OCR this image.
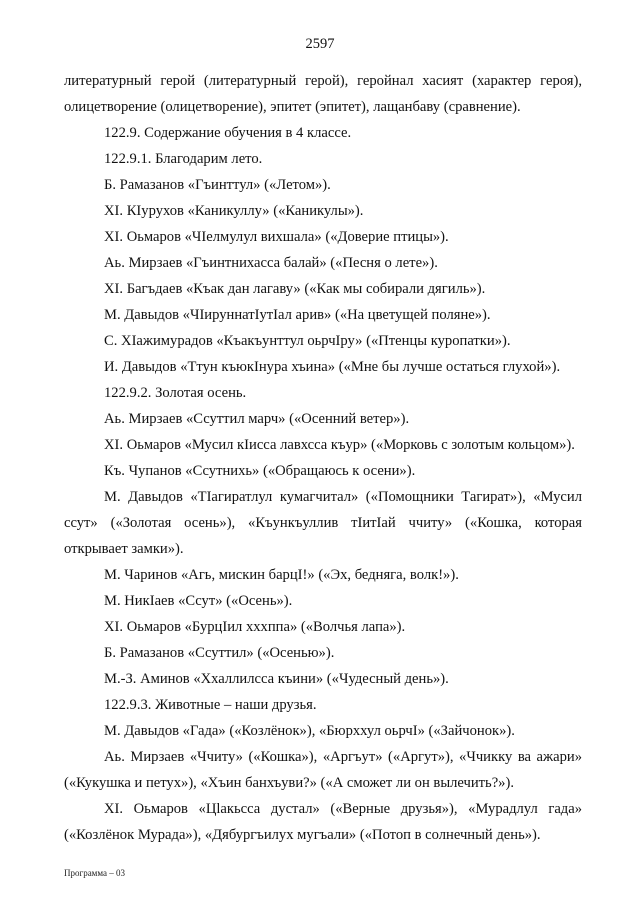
2597

литературный герой (литературный герой), геройнал хасият (характер героя), олицетворение (олицетворение), эпитет (эпитет), лащанбаву (сравнение).

122.9. Содержание обучения в 4 классе.

122.9.1. Благодарим лето.

Б. Рамазанов «Гъинттул» («Летом»).

XI. КIурухов «Каникуллу» («Каникулы»).

XI. Оьмаров «ЧIелмулул вихшала» («Доверие птицы»).

Аь. Мирзаев «Гъинтнихасса балай» («Песня о лете»).

XI. Багъдаев «Къак дан лагаву» («Как мы собирали дягиль»).

М. Давыдов «ЧIируннатIутIал арив» («На цветущей поляне»).

С. XIажимурадов «Къакъунттул оьрчIру» («Птенцы куропатки»).

И. Давыдов «Ттун къюкIнура хъина» («Мне бы лучше остаться глухой»).

122.9.2. Золотая осень.

Аь. Мирзаев «Ссуттил марч» («Осенний ветер»).

XI. Оьмаров «Мусил кIисса лавхсса къур» («Морковь с золотым кольцом»).

Къ. Чупанов «Ссутнихь» («Обращаюсь к осени»).

М. Давыдов «ТIагиратлул кумагчитал» («Помощники Тагират»), «Мусил ссут» («Золотая осень»), «Къункъуллив тIитIай ччиту» («Кошка, которая открывает замки»).

М. Чаринов «Агь, мискин барцI!» («Эх, бедняга, волк!»).

М. НикIаев «Ссут» («Осень»).

XI. Оьмаров «БурцIил хххппа» («Волчья лапа»).

Б. Рамазанов «Ссуттил» («Осенью»).

М.-З. Аминов «Ххаллилсса къини» («Чудесный день»).

122.9.3. Животные – наши друзья.

М. Давыдов «Гада» («Козлёнок»), «Бюрххул оьрчI» («Зайчонок»).

Аь. Мирзаев «Ччиту» («Кошка»), «Аргъут» («Аргут»), «Ччикку ва ажари» («Кукушка и петух»), «Хъин банхъуви?» («А сможет ли он вылечить?»).

XI. Оьмаров «Цlакьсса дустал» («Верные друзья»), «Мурадлул гада» («Козлёнок Мурада»), «Дябургъилух мугъали» («Потоп в солнечный день»).

Программа – 03
